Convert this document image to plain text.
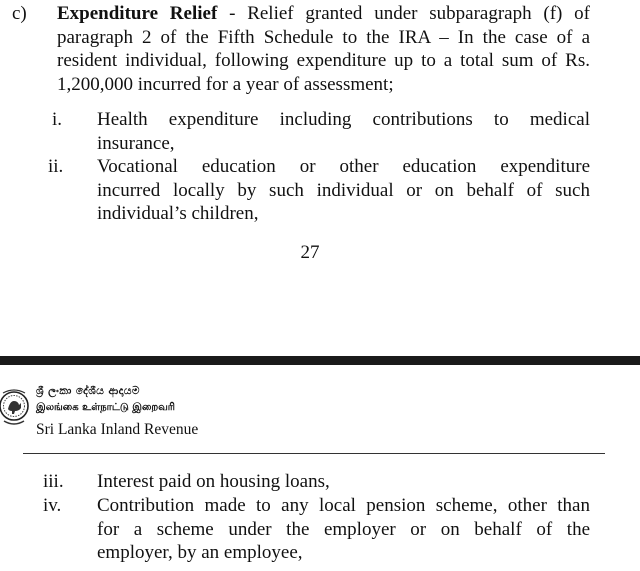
c) Expenditure Relief - Relief granted under subparagraph (f) of
paragraph 2 of the Fifth Schedule to the IRA – In the case of a
resident individual, following expenditure up to a total sum of Rs.
1,200,000 incurred for a year of assessment;
i. Health expenditure including contributions to medical
insurance,
ii. Vocational education or other education expenditure
incurred locally by such individual or on behalf of such
individual’s children,
27
ශ්‍රී ලංකා දේශීය ආදායම
இலங்கை உள்நாட்டு இறைவரி
Sri Lanka Inland Revenue
iii. Interest paid on housing loans,
iv. Contribution made to any local pension scheme, other than
for a scheme under the employer or on behalf of the
employer, by an employee,
